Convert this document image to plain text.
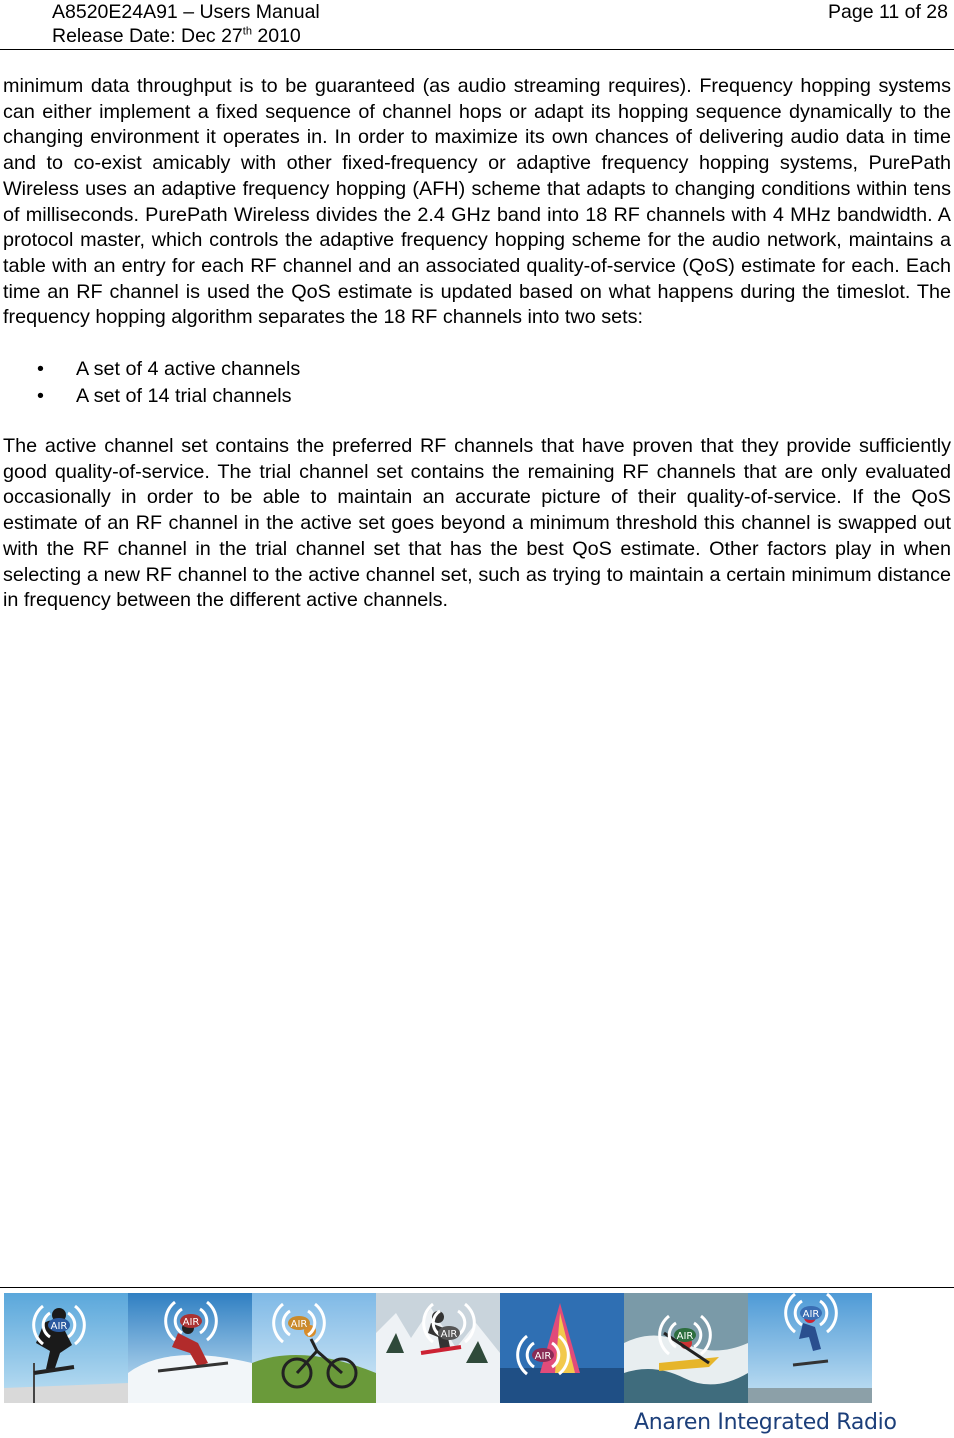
A8520E24A91 – Users Manual
Release Date: Dec 27th 2010
Page 11 of 28

minimum data throughput is to be guaranteed (as audio streaming requires). Frequency hopping systems can either implement a fixed sequence of channel hops or adapt its hopping sequence dynamically to the changing environment it operates in. In order to maximize its own chances of delivering audio data in time and to co-exist amicably with other fixed-frequency or adaptive frequency hopping systems, PurePath Wireless uses an adaptive frequency hopping (AFH) scheme that adapts to changing conditions within tens of milliseconds. PurePath Wireless divides the 2.4 GHz band into 18 RF channels with 4 MHz bandwidth. A protocol master, which controls the adaptive frequency hopping scheme for the audio network, maintains a table with an entry for each RF channel and an associated quality-of-service (QoS) estimate for each. Each time an RF channel is used the QoS estimate is updated based on what happens during the timeslot. The frequency hopping algorithm separates the 18 RF channels into two sets:

• A set of 4 active channels
• A set of 14 trial channels

The active channel set contains the preferred RF channels that have proven that they provide sufficiently good quality-of-service. The trial channel set contains the remaining RF channels that are only evaluated occasionally in order to be able to maintain an accurate picture of their quality-of-service. If the QoS estimate of an RF channel in the active set goes beyond a minimum threshold this channel is swapped out with the RF channel in the trial channel set that has the best QoS estimate. Other factors play in when selecting a new RF channel to the active channel set, such as trying to maintain a certain minimum distance in frequency between the different active channels.

AIR	AIR	AIR
AIR
AIR
AIR
AIR
Anaren Integrated Radio
